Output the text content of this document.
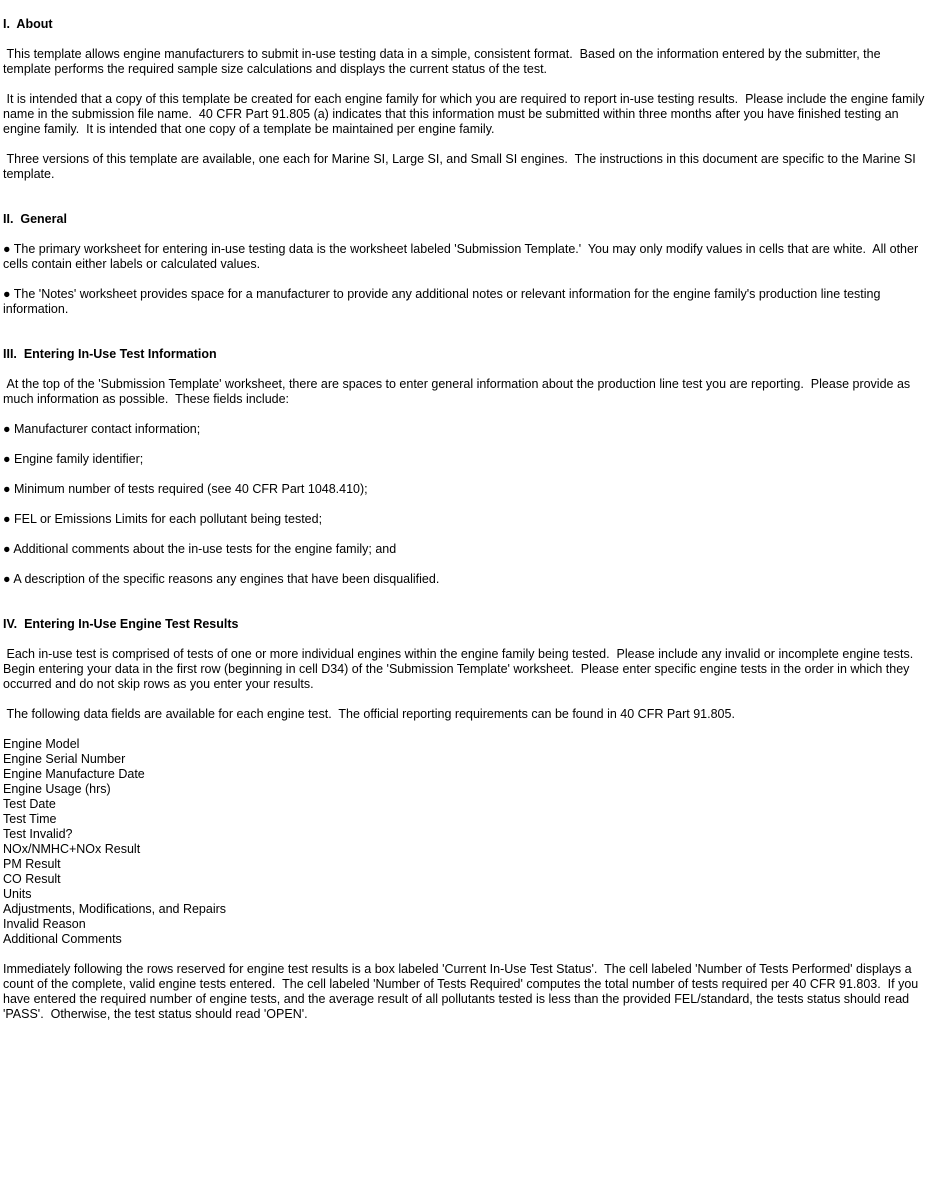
I.  About
This template allows engine manufacturers to submit in-use testing data in a simple, consistent format.  Based on the information entered by the submitter, the template performs the required sample size calculations and displays the current status of the test.
It is intended that a copy of this template be created for each engine family for which you are required to report in-use testing results.  Please include the engine family name in the submission file name.  40 CFR Part 91.805 (a) indicates that this information must be submitted within three months after you have finished testing an engine family.  It is intended that one copy of a template be maintained per engine family.
Three versions of this template are available, one each for Marine SI, Large SI, and Small SI engines.  The instructions in this document are specific to the Marine SI template.
II.  General
● The primary worksheet for entering in-use testing data is the worksheet labeled 'Submission Template.'  You may only modify values in cells that are white.  All other cells contain either labels or calculated values.
● The 'Notes' worksheet provides space for a manufacturer to provide any additional notes or relevant information for the engine family's production line testing information.
III.  Entering In-Use Test Information
At the top of the 'Submission Template' worksheet, there are spaces to enter general information about the production line test you are reporting.  Please provide as much information as possible.  These fields include:
● Manufacturer contact information;
● Engine family identifier;
● Minimum number of tests required (see 40 CFR Part 1048.410);
● FEL or Emissions Limits for each pollutant being tested;
● Additional comments about the in-use tests for the engine family; and
● A description of the specific reasons any engines that have been disqualified.
IV.  Entering In-Use Engine Test Results
Each in-use test is comprised of tests of one or more individual engines within the engine family being tested.  Please include any invalid or incomplete engine tests.  Begin entering your data in the first row (beginning in cell D34) of the 'Submission Template' worksheet.  Please enter specific engine tests in the order in which they occurred and do not skip rows as you enter your results.
The following data fields are available for each engine test.  The official reporting requirements can be found in 40 CFR Part 91.805.
Engine Model
Engine Serial Number
Engine Manufacture Date
Engine Usage (hrs)
Test Date
Test Time
Test Invalid?
NOx/NMHC+NOx Result
PM Result
CO Result
Units
Adjustments, Modifications, and Repairs
Invalid Reason
Additional Comments
Immediately following the rows reserved for engine test results is a box labeled 'Current In-Use Test Status'.  The cell labeled 'Number of Tests Performed' displays a count of the complete, valid engine tests entered.  The cell labeled 'Number of Tests Required' computes the total number of tests required per 40 CFR 91.803.  If you have entered the required number of engine tests, and the average result of all pollutants tested is less than the provided FEL/standard, the tests status should read 'PASS'.  Otherwise, the test status should read 'OPEN'.
